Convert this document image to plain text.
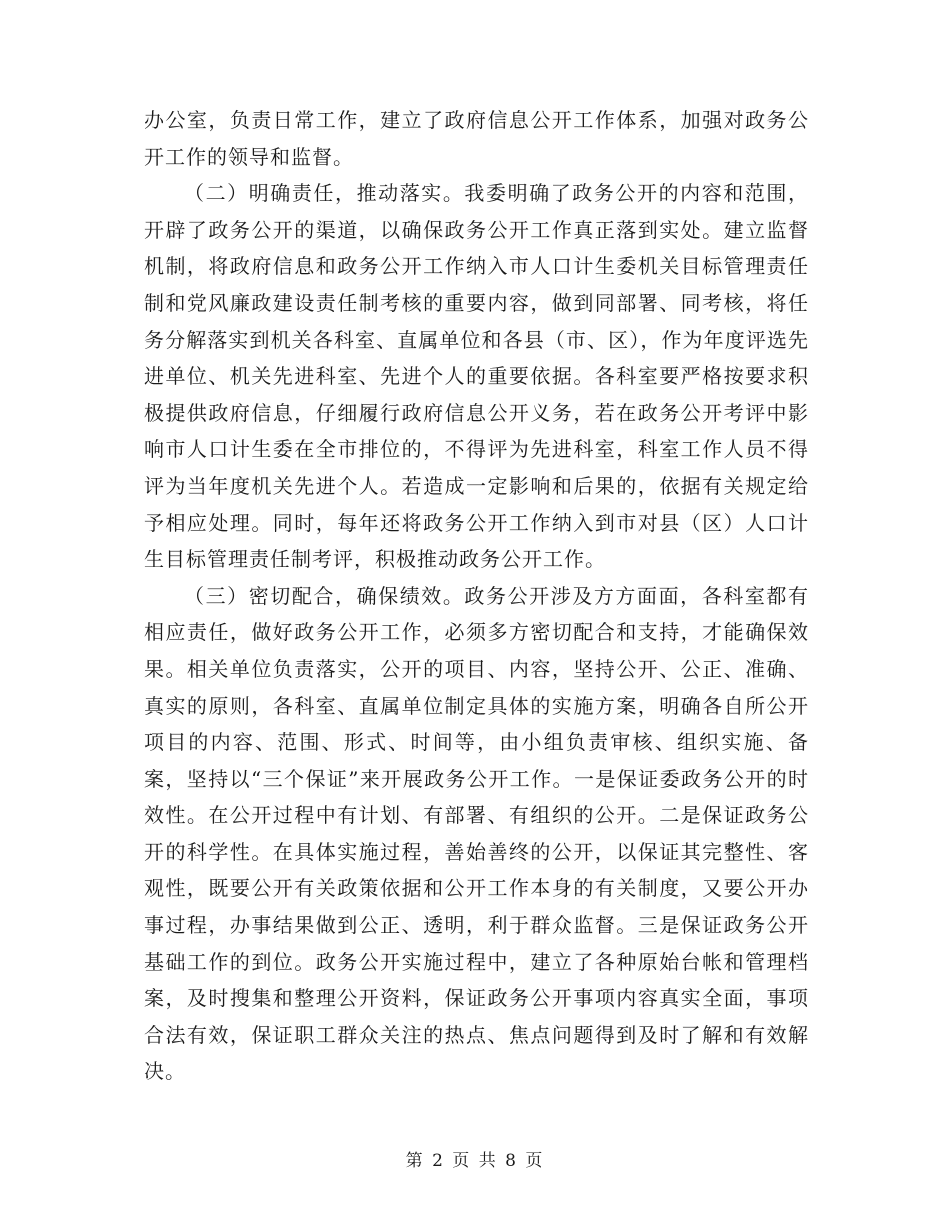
办公室，负责日常工作，建立了政府信息公开工作体系，加强对政务公开工作的领导和监督。

（二）明确责任，推动落实。我委明确了政务公开的内容和范围，开辟了政务公开的渠道，以确保政务公开工作真正落到实处。建立监督机制，将政府信息和政务公开工作纳入市人口计生委机关目标管理责任制和党风廉政建设责任制考核的重要内容，做到同部署、同考核，将任务分解落实到机关各科室、直属单位和各县（市、区），作为年度评选先进单位、机关先进科室、先进个人的重要依据。各科室要严格按要求积极提供政府信息，仔细履行政府信息公开义务，若在政务公开考评中影响市人口计生委在全市排位的，不得评为先进科室，科室工作人员不得评为当年度机关先进个人。若造成一定影响和后果的，依据有关规定给予相应处理。同时，每年还将政务公开工作纳入到市对县（区）人口计生目标管理责任制考评，积极推动政务公开工作。

（三）密切配合，确保绩效。政务公开涉及方方面面，各科室都有相应责任，做好政务公开工作，必须多方密切配合和支持，才能确保效果。相关单位负责落实，公开的项目、内容，坚持公开、公正、准确、真实的原则，各科室、直属单位制定具体的实施方案，明确各自所公开项目的内容、范围、形式、时间等，由小组负责审核、组织实施、备案，坚持以“三个保证”来开展政务公开工作。一是保证委政务公开的时效性。在公开过程中有计划、有部署、有组织的公开。二是保证政务公开的科学性。在具体实施过程，善始善终的公开，以保证其完整性、客观性，既要公开有关政策依据和公开工作本身的有关制度，又要公开办事过程，办事结果做到公正、透明，利于群众监督。三是保证政务公开基础工作的到位。政务公开实施过程中，建立了各种原始台帐和管理档案，及时搜集和整理公开资料，保证政务公开事项内容真实全面，事项合法有效，保证职工群众关注的热点、焦点问题得到及时了解和有效解决。

第 2 页 共 8 页
